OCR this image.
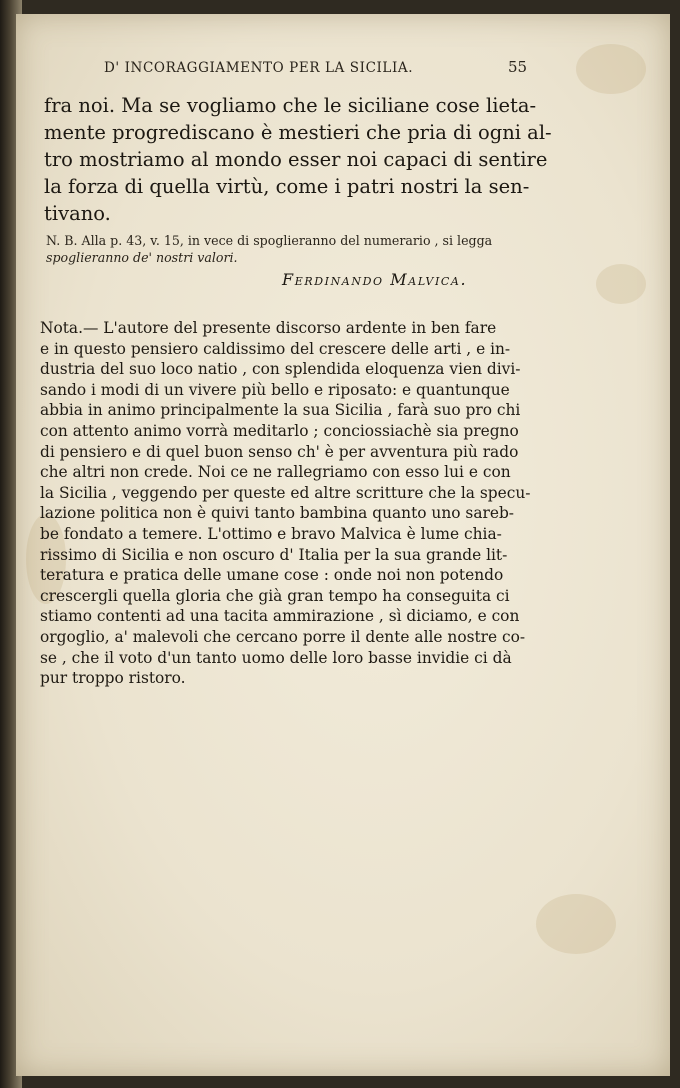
D' INCORAGGIAMENTO PER LA SICILIA.	55
fra noi. Ma se vogliamo che le siciliane cose lieta-
mente progrediscano è mestieri che pria di ogni al-
tro mostriamo al mondo esser noi capaci di sentire
la forza di quella virtù, come i patri nostri la sen-
tivano.
N. B. Alla p. 43, v. 15, in vece di spoglieranno del numerario , si legga
spoglieranno de' nostri valori.
Ferdinando Malvica.
Nota.— L'autore del presente discorso ardente in ben fare
e in questo pensiero caldissimo del crescere delle arti , e in-
dustria del suo loco natio , con splendida eloquenza vien divi-
sando i modi di un vivere più bello e riposato: e quantunque
abbia in animo principalmente la sua Sicilia , farà suo pro chi
con attento animo vorrà meditarlo ; conciossiachè sia pregno
di pensiero e di quel buon senso ch' è per avventura più rado
che altri non crede. Noi ce ne rallegriamo con esso lui e con
la Sicilia , veggendo per queste ed altre scritture che la specu-
lazione politica non è quivi tanto bambina quanto uno sareb-
be fondato a temere. L'ottimo e bravo Malvica è lume chia-
rissimo di Sicilia e non oscuro d' Italia per la sua grande lit-
teratura e pratica delle umane cose : onde noi non potendo
crescergli quella gloria che già gran tempo ha conseguita ci
stiamo contenti ad una tacita ammirazione , sì diciamo, e con
orgoglio, a' malevoli che cercano porre il dente alle nostre co-
se , che il voto d'un tanto uomo delle loro basse invidie ci dà
pur troppo ristoro.
